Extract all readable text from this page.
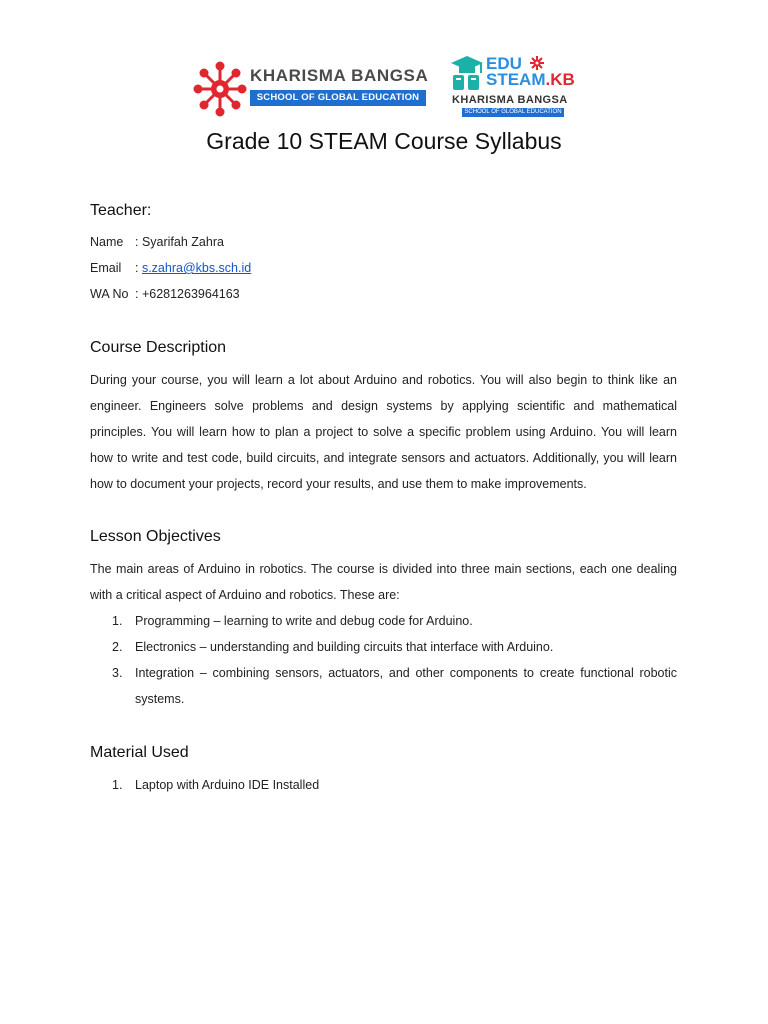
KHARISMA BANGSA
SCHOOL OF GLOBAL EDUCATION
EDU
STEAM.KB
KHARISMA BANGSA
SCHOOL OF GLOBAL EDUCATION
Grade 10 STEAM Course Syllabus
Teacher:
Name : Syarifah Zahra
Email : s.zahra@kbs.sch.id
WA No : +6281263964163
Course Description

During your course, you will learn a lot about Arduino and robotics. You will also begin to think like an engineer. Engineers solve problems and design systems by applying scientific and mathematical principles. You will learn how to plan a project to solve a specific problem using Arduino. You will learn how to write and test code, build circuits, and integrate sensors and actuators. Additionally, you will learn how to document your projects, record your results, and use them to make improvements.

Lesson Objectives

The main areas of Arduino in robotics. The course is divided into three main sections, each one dealing with a critical aspect of Arduino and robotics. These are:

1. Programming – learning to write and debug code for Arduino.
2. Electronics – understanding and building circuits that interface with Arduino.
3. Integration – combining sensors, actuators, and other components to create functional robotic systems.
Material Used
1. Laptop with Arduino IDE Installed
